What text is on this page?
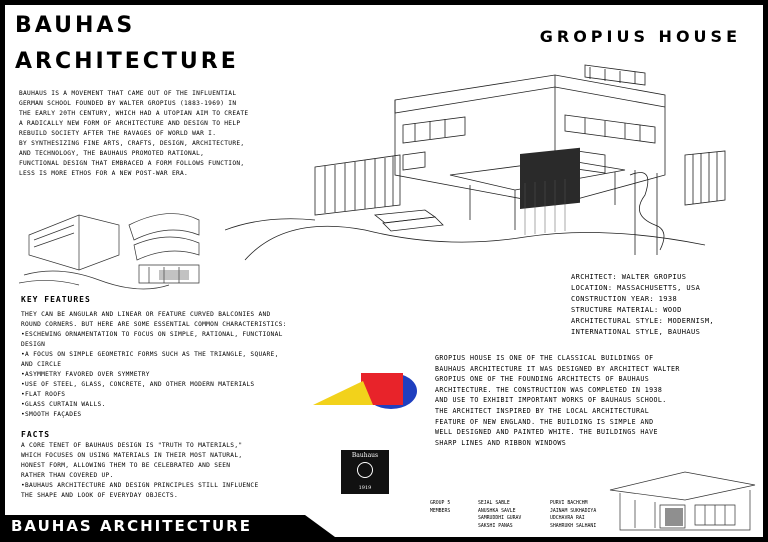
BAUHAS
ARCHITECTURE

BAUHAUS IS A MOVEMENT THAT CAME OUT OF THE INFLUENTIAL

GERMAN SCHOOL FOUNDED BY WALTER GROPIUS (1883-1969) IN

THE EARLY 20TH CENTURY, WHICH HAD A UTOPIAN AIM TO CREATE

A RADICALLY NEW FORM OF ARCHITECTURE AND DESIGN TO HELP

REBUILD SOCIETY AFTER THE RAVAGES OF WORLD WAR I.

BY SYNTHESIZING FINE ARTS, CRAFTS, DESIGN, ARCHITECTURE,

AND TECHNOLOGY, THE BAUHAUS PROMOTED RATIONAL,

FUNCTIONAL DESIGN THAT EMBRACED A FORM FOLLOWS FUNCTION,

LESS IS MORE ETHOS FOR A NEW POST-WAR ERA.

KEY FEATURES
THEY CAN BE ANGULAR AND LINEAR OR FEATURE CURVED BALCONIES AND
ROUND CORNERS. BUT HERE ARE SOME ESSENTIAL COMMON CHARACTERISTICS:
•ESCHEWING ORNAMENTATION TO FOCUS ON SIMPLE, RATIONAL, FUNCTIONAL
DESIGN
•A FOCUS ON SIMPLE GEOMETRIC FORMS SUCH AS THE TRIANGLE, SQUARE,
AND CIRCLE
•ASYMMETRY FAVORED OVER SYMMETRY
•USE OF STEEL, GLASS, CONCRETE, AND OTHER MODERN MATERIALS
•FLAT ROOFS
•GLASS CURTAIN WALLS.
•SMOOTH FAÇADES
FACTS
A CORE TENET OF BAUHAUS DESIGN IS "TRUTH TO MATERIALS,"
WHICH FOCUSES ON USING MATERIALS IN THEIR MOST NATURAL,
HONEST FORM, ALLOWING THEM TO BE CELEBRATED AND SEEN
RATHER THAN COVERED UP.
•BAUHAUS ARCHITECTURE AND DESIGN PRINCIPLES STILL INFLUENCE
THE SHAPE AND LOOK OF EVERYDAY OBJECTS.
Bauhaus
1919
GROPIUS HOUSE
ARCHITECT: WALTER GROPIUS
LOCATION: MASSACHUSETTS, USA
CONSTRUCTION YEAR: 1938
STRUCTURE MATERIAL: WOOD
ARCHITECTURAL STYLE: MODERNISM,
INTERNATIONAL STYLE, BAUHAUS

GROPIUS HOUSE IS ONE OF THE CLASSICAL BUILDINGS OF

BAUHAUS ARCHITECTURE IT WAS DESIGNED BY ARCHITECT WALTER

GROPIUS ONE OF THE FOUNDING ARCHITECTS OF BAUHAUS

ARCHITECTURE. THE CONSTRUCTION WAS COMPLETED IN 1938

AND USE TO EXHIBIT IMPORTANT WORKS OF BAUHAUS SCHOOL.

THE ARCHITECT INSPIRED BY THE LOCAL ARCHITECTURAL

FEATURE OF NEW ENGLAND. THE BUILDING IS SIMPLE AND

WELL DESIGNED AND PAINTED WHITE. THE BUILDINGS HAVE

SHARP LINES AND RIBBON WINDOWS

GROUP 5
MEMBERS
SEJAL SABLE
ANUSHKA SAVLE
SAMRUDDHI GURAV
SAKSHI PANAS
PURVI BACHCHM
JAINAM SUKHADIYA
UDCHAVRA RAI
SHAHRUKH SALHANI
BAUHAS ARCHITECTURE
